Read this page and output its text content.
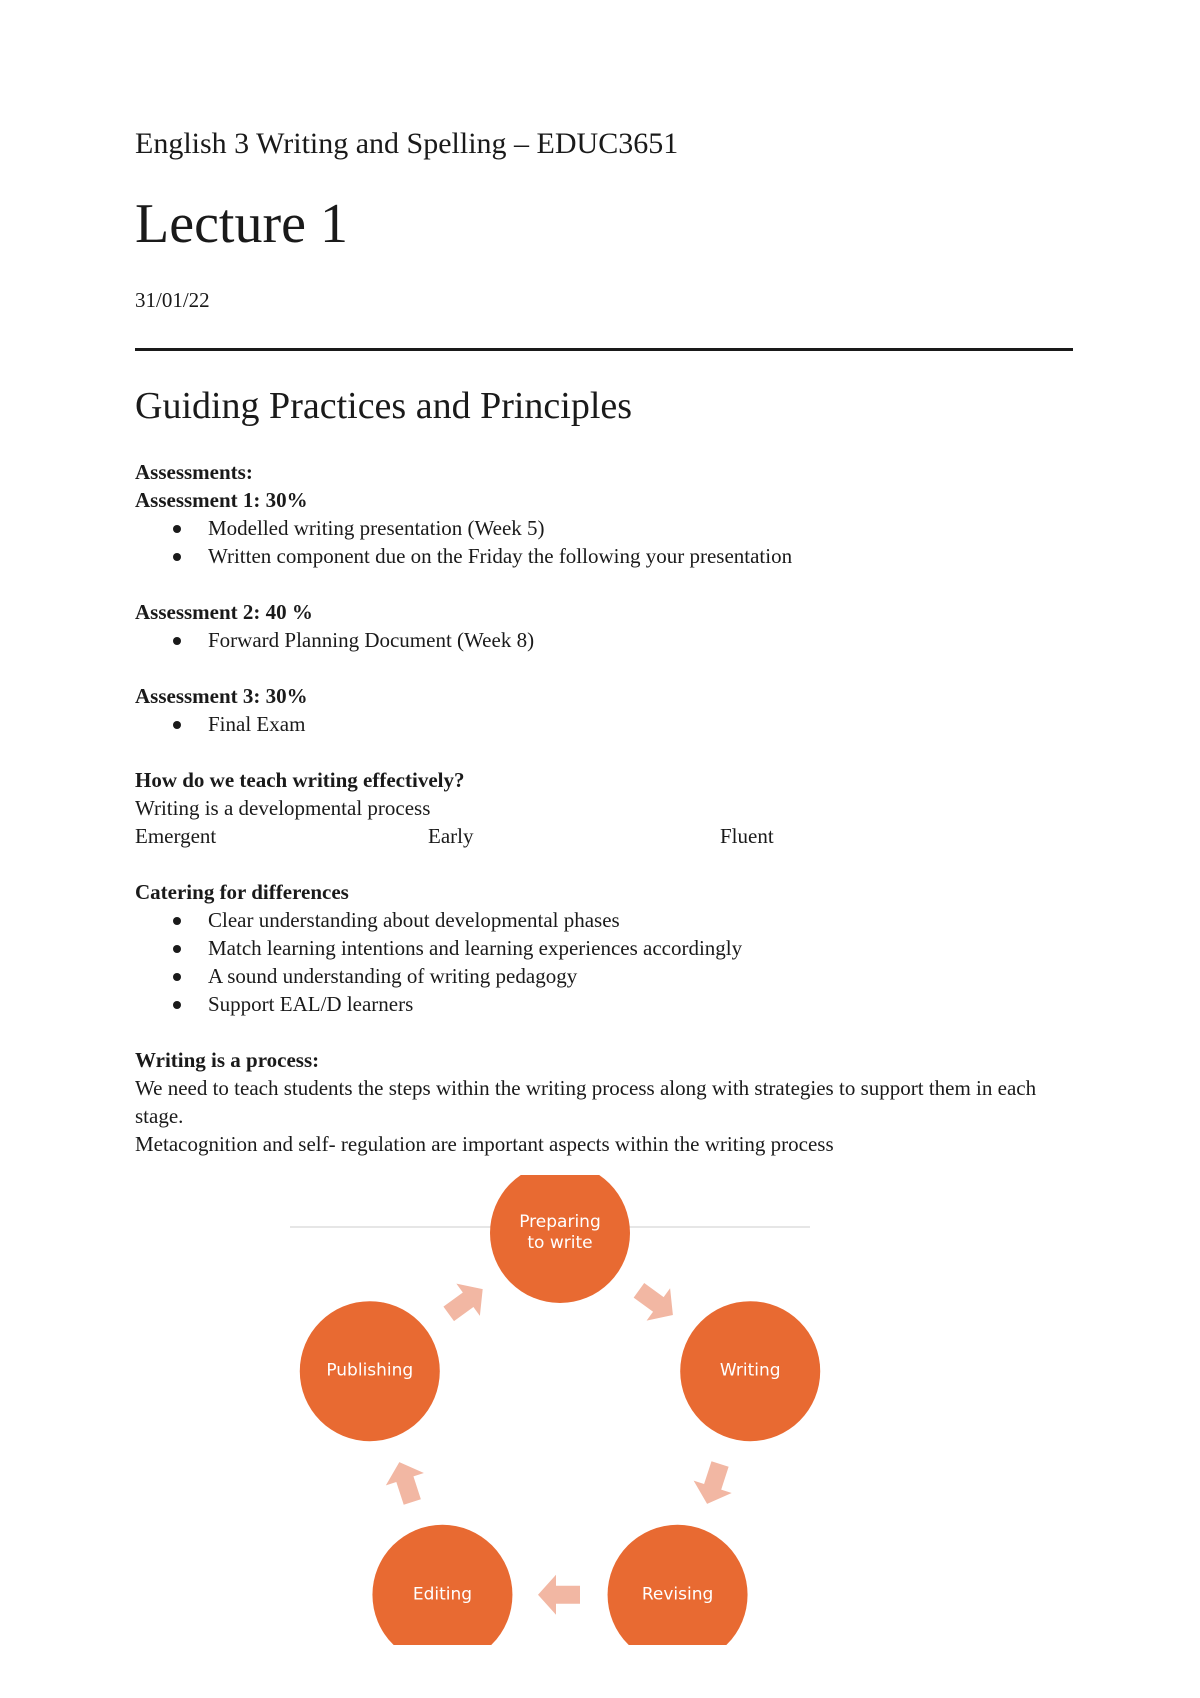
English 3 Writing and Spelling – EDUC3651
Lecture 1

31/01/22

Guiding Practices and Principles

Assessments:

Assessment 1: 30%

Modelled writing presentation (Week 5)
Written component due on the Friday the following your presentation

Assessment 2: 40 %

Forward Planning Document (Week 8)

Assessment 3: 30%

Final Exam

How do we teach writing effectively?

Writing is a developmental process

Emergent	Early	Fluent

Catering for differences

Clear understanding about developmental phases
Match learning intentions and learning experiences accordingly
A sound understanding of writing pedagogy
Support EAL/D learners

Writing is a process:

We need to teach students the steps within the writing process along with strategies to support them in each stage.

Metacognition and self- regulation are important aspects within the writing process

Preparing to write
Writing
Revising
Editing
Publishing
